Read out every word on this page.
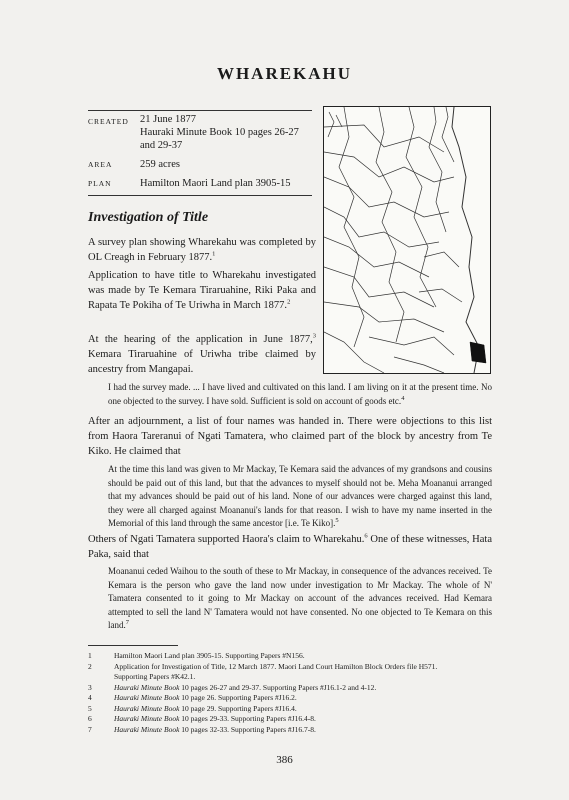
WHAREKAHU
CREATED	21 June 1877
Hauraki Minute Book 10 pages 26-27
and 29-37

AREA	259 acres
PLAN	Hamilton Maori Land plan 3905-15
Investigation of Title
A survey plan showing Wharekahu was completed by OL Creagh in February 1877.$^1$
Application to have title to Wharekahu investigated was made by Te Kemara Tiraruahine, Riki Paka and Rapata Te Pokiha of Te Uriwha in March 1877.$^2$
At the hearing of the application in June 1877,$^3$ Kemara Tiraruahine of Uriwha tribe claimed by ancestry from Mangapai.
I had the survey made. ... I have lived and cultivated on this land. I am living on it at the present time. No one objected to the survey. I have sold. Sufficient is sold on account of goods etc.$^4$
After an adjournment, a list of four names was handed in. There were objections to this list from Haora Tareranui of Ngati Tamatera, who claimed part of the block by ancestry from Te Kiko. He claimed that
At the time this land was given to Mr Mackay, Te Kemara said the advances of my grandsons and cousins should be paid out of this land, but that the advances to myself should not be. Meha Moananui arranged that my advances should be paid out of his land. None of our advances were charged against this land, they were all charged against Moananui's lands for that reason. I wish to have my name inserted in the Memorial of this land through the same ancestor [i.e. Te Kiko].$^5$
Others of Ngati Tamatera supported Haora's claim to Wharekahu.$^6$ One of these witnesses, Hata Paka, said that
Moananui ceded Waihou to the south of these to Mr Mackay, in consequence of the advances received. Te Kemara is the person who gave the land now under investigation to Mr Mackay. The whole of N' Tamatera consented to it going to Mr Mackay on account of the advances received. Had Kemara attempted to sell the land N' Tamatera would not have consented. No one objected to Te Kemara on this land.$^7$
1	Hamilton Maori Land plan 3905-15. Supporting Papers #N156.
2	Application for Investigation of Title, 12 March 1877. Maori Land Court Hamilton Block Orders file H571.
Supporting Papers #K42.1.
3	Hauraki Minute Book 10 pages 26-27 and 29-37. Supporting Papers #J16.1-2 and 4-12.
4	Hauraki Minute Book 10 page 26. Supporting Papers #J16.2.
5	Hauraki Minute Book 10 page 29. Supporting Papers #J16.4.
6	Hauraki Minute Book 10 pages 29-33. Supporting Papers #J16.4-8.
7	Hauraki Minute Book 10 pages 32-33. Supporting Papers #J16.7-8.
386
